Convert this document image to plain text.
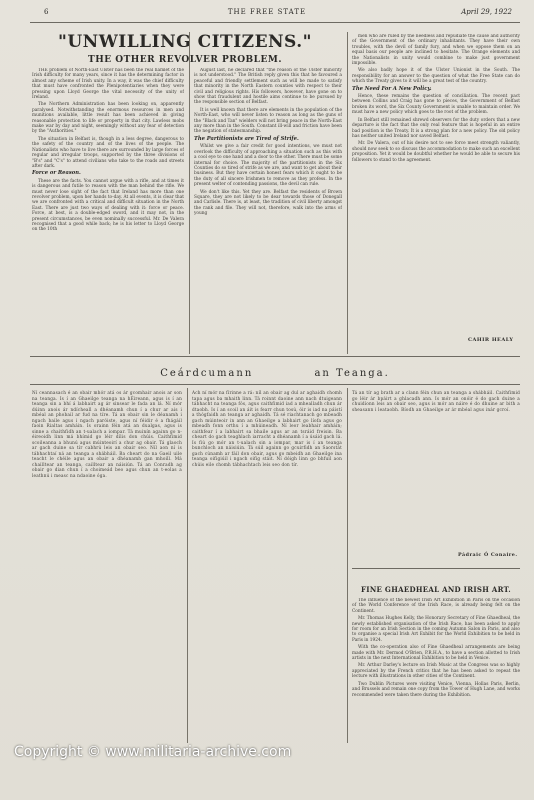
6	THE FREE STATE	April 29, 1922
"UNWILLING CITIZENS."
THE OTHER REVOLVER PROBLEM.

THE problem of North-East Ulster has been the real hamlet of the Irish difficulty for many years, since it has the determining factor in almost any scheme of Irish unity. In a way, it was the chief difficulty that must have confronted the Plenipotentiaries when they were pressing upon Lloyd George the vital necessity of the unity of Ireland.

The Northern Administration has been looking on, apparently paralysed. Notwithstanding the enormous resources in men and munitions available, little result has been achieved in giving reasonable protection to life or property in that city. Lawless mobs make war by day and night, seemingly without any fear of detection by the "Authorities."

The situation in Belfast is, though in a less degree, dangerous to the safety of the country and of the lives of the people. The Nationalists who have to live there are surrounded by large forces of regular and irregular troops, supported by the three divisions of "B's" and "C's" to attend civilians who take to the roads and streets after dark.

Force or Reason.

These are the facts. You cannot argue with a rifle, and at times it is dangerous and futile to reason with the man behind the rifle. We must never lose sight of the fact that Ireland has more than one revolver problem, upon her hands to-day. At all events, it is clear that we are confronted with a critical and difficult situation in the North East. There are just two ways of dealing with it: force or peace. Force, at best, is a double-edged sword, and it may not, in the present circumstances, be even nominally successful. Mr. De Valera recognised that a good while back; he is his letter to Lloyd George on the 10th

August last, he declared that "the reason of the Ulster minority is not understood." The British reply given this that he favoured a peaceful and friendly settlement such as will be made to satisfy that minority in the North Eastern counties with respect to their civil and religious rights. His followers, however, have gone on to show that fraudulent and hostile aims continue to be pursued by the responsible section of Belfast.

It is well known that there are elements in the population of the North-East, who will never listen to reason as long as the guns of the "Black and Tan" wielders will not bring peace in the North-East any more than in the South. Constant ill-will and friction have been the negation of statesmanship.

The Partitionists are Tired of Strife.

Whilst we give a fair credit for good intentions, we must not overlook the difficulty of approaching a situation such as this with a cool eye to one hand and a door to the other. There must be some internal for choice. The majority of the partitionists in the Six Counties do so tired of strife as we are, and want to get about their business. But they have certain honest fears which it ought to be the duty of all sincere Irishmen to remove as they profess. In the present welter of contending passions, the devil can rule.

We don't like this. Yet they are. Belfast the residents of Brown Square, they are not likely to be dear towards those of Donegall and Carlisle. There is, at least, the tradition of civil liberty amongst the rank and file. They will not, therefore, walk into the arms of young

men who are ruled by the needless and repudiate the cause and authority of the Government of the ordinary inhabitants. They have their own troubles, with the devil of family fury, and when we oppose them on an equal basis our people are inclined to hesitate. The Orange elements and the Nationalists in unity would combine to make just government impossible.

We also badly hope it of the Ulster Unionist in the South. The responsibility for an answer to the question of what the Free State can do which the Treaty gives to it will be a great test of the country.

The Need For A New Policy.

Hence, these remains the question of conciliation. The recent pact between Collins and Craig has gone to pieces, the Government of Belfast broken its word, the Six County Government is unable to maintain order. We must have a new policy which goes to the root of the problem.

In Belfast still remained shrewd observers for the duty orders that a new departure is the fact that the only real feature that is hopeful in an entire bad position is the Treaty. It is a strong plan for a new policy. The old policy has neither united Ireland nor saved Belfast.

Mr. De Valera, out of his desire not to see force meet strength valiantly, should now seek to so discuss the accommodation to make such an excellent proposition. Yet it would be doubtful whether he would be able to secure his followers to stand to the agreement.

CAHIR HEALY
Ceárdcumann	an Teanga.
Ní ceannasach é an obair mhór atá os ár gcomhair anois ar son na teanga. Is í an Ghaeilge teanga na hÉireann, agus is í an teanga sin a bhí á labhairt ag ár sinsear le fada an lá. Ní mór dúinn anois ár ndícheall a dhéanamh chun í a chur ar ais i mbéal an phobail ar fud na tíre. Tá an obair sin le déanamh i ngach baile agus i ngach paróiste, agus ní féidir é a fhágáil faoin Rialtas amháin. Is orainn féin atá an dualgas, agus is sinne a chaithfidh an t-ualach a iompar. Tá muinín againn go n-éireoidh linn má bhímid go léir dílis don chúis. Caithfimid scoileanna a bhunú agus múinteoirí a chur ag obair. Tá glaoch ar gach duine sa tír cabhrú leis an obair seo. Níl aon ní is tábhachtaí ná an teanga a shábháil. Ba cheart do na Gaeil uile teacht le chéile agus an obair a dhéanamh gan mhoill. Má chailltear an teanga, cailltear an náisiún. Tá an Conradh ag obair go dian chun í a choimeád beo agus chun an t-eolas a leathnú i measc na ndaoine óga.
Ach ní mór na fírinne a rá: níl an obair ag dul ar aghaidh chomh tapa agus ba mhaith linn. Tá roinnt daoine ann nach dtuigeann tábhacht na teanga fós, agus caithfimid iad a mhealladh chun ár dtaobh. Is í an scoil an áit is fearr chun tosú, óir is iad na páistí a thógfaidh an teanga ar aghaidh. Tá sé riachtanach go mbeadh gach múinteoir in ann an Ghaeilge a labhairt go líofa agus go mbeadh fonn orthu í a mhúineadh. Ní leor leabhair amháin; caithfear í a labhairt sa bhaile agus ar an tsráid freisin. Ba cheart do gach teaghlach iarracht a dhéanamh í a úsáid gach lá. Is fiú go mór an t-ualach sin a iompar, mar is í an teanga bunchloch an náisiúin. Tá súil againn go gcuirfidh an Saorstát gach cúnamh ar fáil don obair, agus go mbeidh an Ghaeilge ina teanga oifigiúil i ngach oifig stáit. Ní dóigh linn go bhfuil aon chúis eile chomh tábhachtach leis seo don tír.
Tá an tír ag brath ar a clann féin chun an teanga a shábháil. Caithfimid go léir ár bpáirt a ghlacadh ann. Is mór an onóir é do gach duine a chuidíonn leis an obair seo, agus is mór an náire é do dhuine ar bith a sheasann i leataobh. Bíodh an Ghaeilge ar ár mbéal agus inár gcroí.
Pádraic Ó Conaire.
FINE GHAEDHEAL AND IRISH ART.

The influence of the newest Irish Art Exhibition in Paris on the occasion of the World Conference of the Irish Race, is already being felt on the Continent.

Mr. Thomas Hughes Kelly, the Honorary Secretary of Fine Ghaedheal, the newly established organisation of the Irish Race, has been asked to apply for room for an Irish Section in the coming Autumn Salon in Paris, and also to organise a special Irish Art Exhibit for the World Exhibition to be held in Paris in 1924.

With the co-operation also of Fine Ghaedheal arrangements are being made with Mr. Dermod O'Brien, P.R.H.A., to have a section allotted to Irish artists in the next International Exhibition to be held in Venice.

Mr. Arthur Darley's lecture on Irish Music at the Congress was so highly appreciated by the French critics that he has been asked to repeat the lecture with illustrations in other cities of the Continent.

Two Dublin Pictures were visiting Venice, Vienna, Hollas Paris, Berlin, and Brussels and remain one copy from the Tower of Hugh Lane, and works recommended were taken there during the Exhibition.

Copyright © www.militaria-archive.com
